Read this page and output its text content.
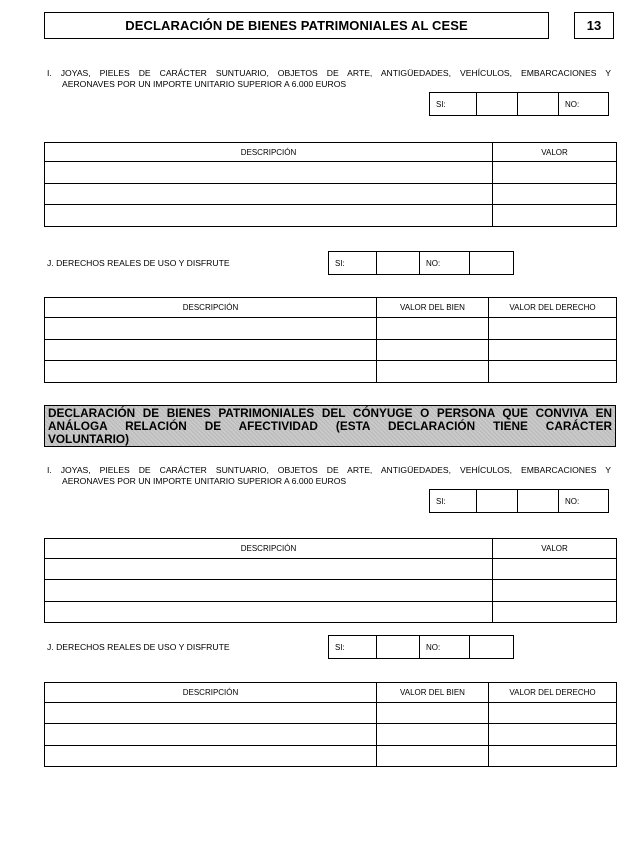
DECLARACIÓN DE BIENES PATRIMONIALES AL CESE	13
I. JOYAS, PIELES DE CARÁCTER SUNTUARIO, OBJETOS DE ARTE, ANTIGÜEDADES, VEHÍCULOS, EMBARCACIONES Y
AERONAVES POR UN IMPORTE UNITARIO SUPERIOR A 6.000 EUROS
SI:	NO:
DESCRIPCIÓN	VALOR

J. DERECHOS REALES DE USO Y DISFRUTE	SI:	NO:
DESCRIPCIÓN	VALOR DEL BIEN	VALOR DEL DERECHO

DECLARACIÓN DE BIENES PATRIMONIALES DEL CÓNYUGE O PERSONA QUE CONVIVA EN
ANÁLOGA RELACIÓN DE AFECTIVIDAD (ESTA DECLARACIÓN TIENE CARÁCTER
VOLUNTARIO)
I. JOYAS, PIELES DE CARÁCTER SUNTUARIO, OBJETOS DE ARTE, ANTIGÜEDADES, VEHÍCULOS, EMBARCACIONES Y
AERONAVES POR UN IMPORTE UNITARIO SUPERIOR A 6.000 EUROS
SI:	NO:
DESCRIPCIÓN	VALOR

J. DERECHOS REALES DE USO Y DISFRUTE	SI:	NO:
DESCRIPCIÓN	VALOR DEL BIEN	VALOR DEL DERECHO
